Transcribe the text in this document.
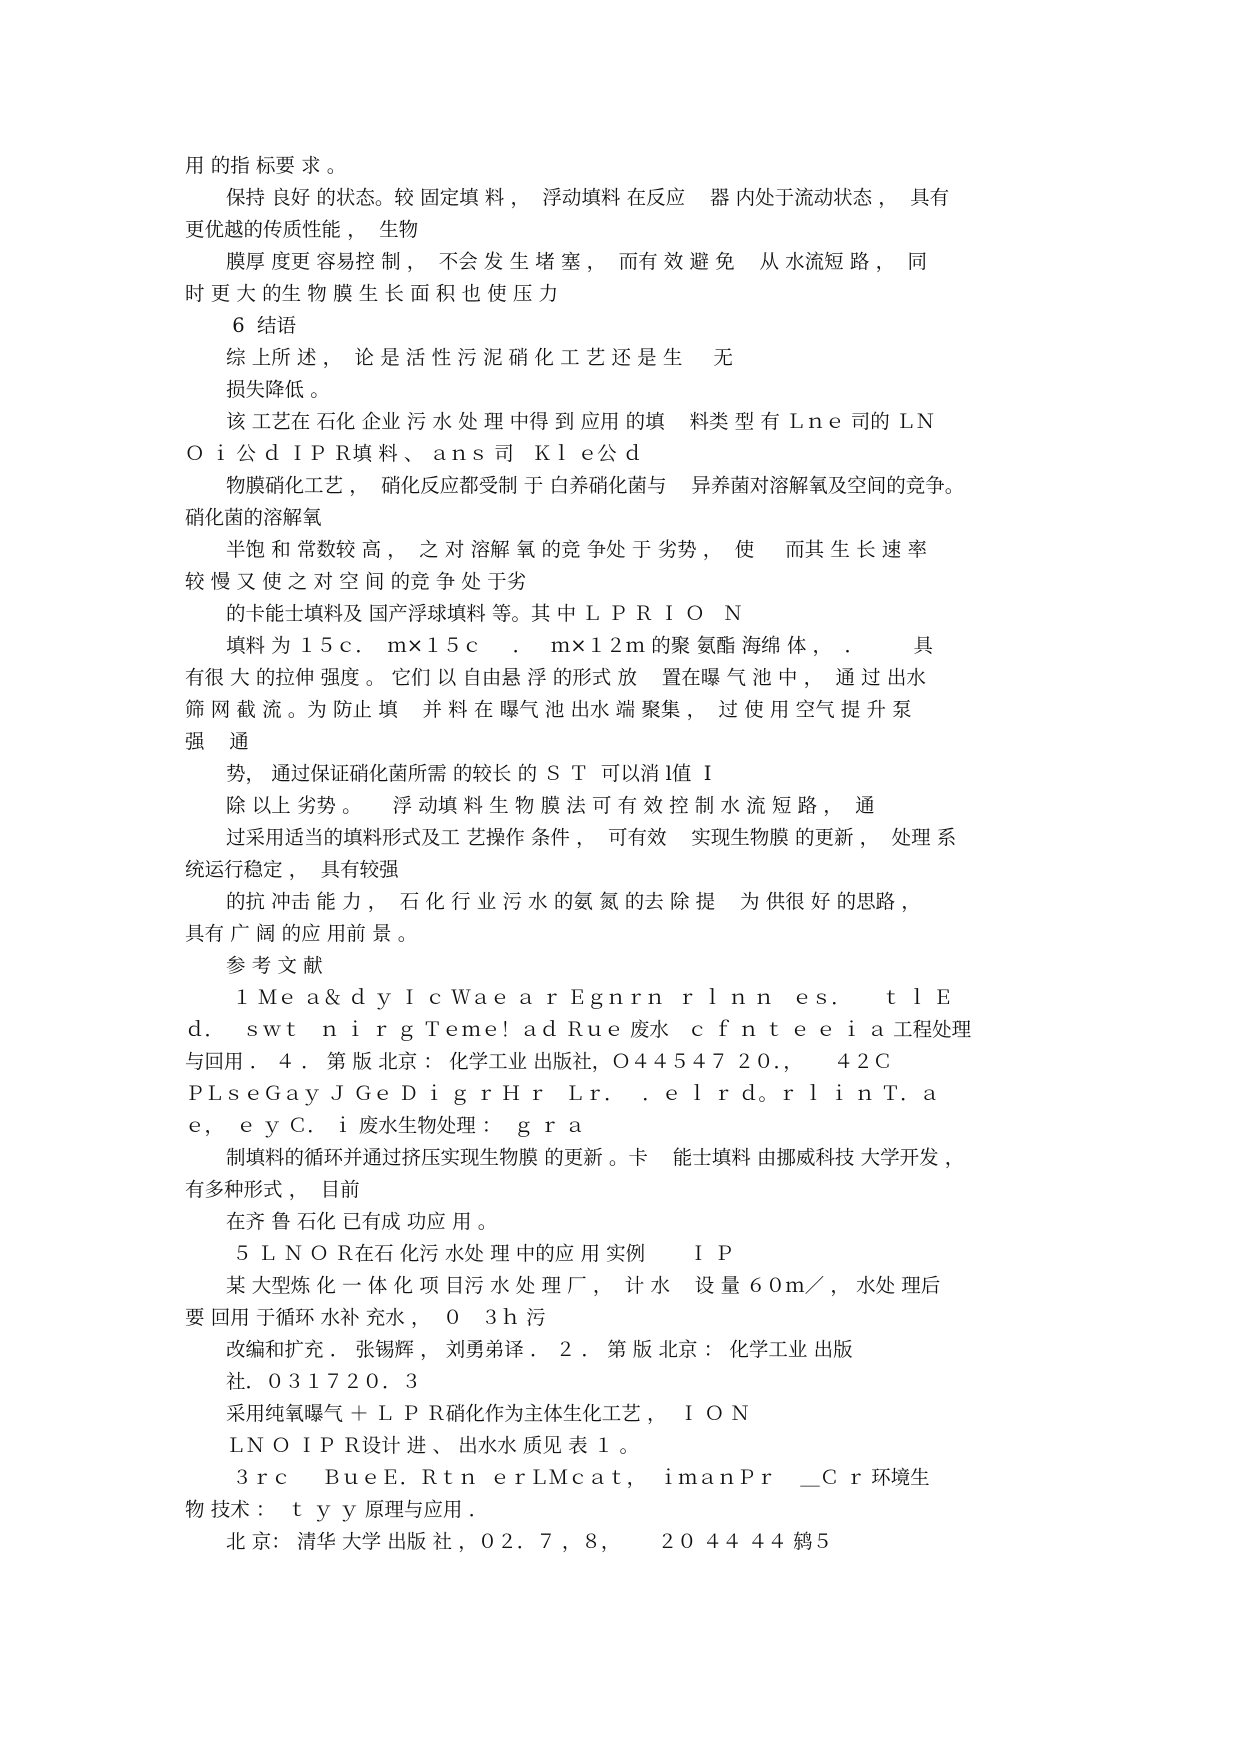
用 的指 标要 求 。
保持 良好 的状态。较 固定填 料 ，  浮动填料 在反应    器 内处于流动状态 ，  具有
更优越的传质性能 ，  生物
膜厚 度更 容易控 制 ，  不会 发 生 堵 塞 ，  而有 效 避 免    从 水流短 路 ，  同
时 更 大 的生 物 膜 生 长 面 积 也 使 压 力
6  结语
综 上所 述 ，  论 是 活 性 污 泥 硝 化 工 艺 还 是 生     无
损失降低 。
该 工艺在 石化 企业 污 水 处 理 中得 到 应用 的填    料类 型 有 Ｌｎｅ 司的 ＬＮ
Ｏ ｉ 公 ｄ ＩＰ Ｒ填 料 、 ａｎｓ 司   Ｋｌ ｅ公 ｄ
物膜硝化工艺 ，  硝化反应都受制 于 白养硝化菌与    异养菌对溶解氧及空间的竞争。
硝化菌的溶解氧
半饱 和 常数较 高 ，  之 对 溶解 氧 的竞 争处 于 劣势 ，  使     而其 生 长 速 率
较 慢 又 使 之 对 空 间 的竞 争 处 于劣
的卡能士填料及 国产浮球填料 等。其 中 Ｌ Ｐ Ｒ Ｉ Ｏ   Ｎ
填料 为 １５ｃ．  ｍ×１５ｃ     ．   ｍ×１２ｍ 的聚 氨酯 海绵 体 ，  ．        具
有很 大 的拉伸 强度 。 它们 以 自由悬 浮 的形式 放    置在曝 气 池 中 ，  通 过 出水
筛 网 截 流 。为 防止 填    并 料 在 曝气 池 出水 端 聚集 ，  过 使 用 空气 提 升 泵
强    通
势， 通过保证硝化菌所需 的较长 的 Ｓ Ｔ  可以消 l值  I
除 以上 劣势 。     浮 动填 料 生 物 膜 法 可 有 效 控 制 水 流 短 路 ，  通
过采用适当的填料形式及工 艺操作 条件 ，  可有效    实现生物膜 的更新 ，  处理 系
统运行稳定 ，  具有较强
的抗 冲击 能 力 ，  石 化 行 业 污 水 的氨 氮 的去 除 提    为 供很 好 的思路 ，
具有 广 阔 的应 用前 景 。
参 考 文 献
１ Ｍｅ ａ＆ ｄ ｙ Ｉ ｃ Ｗａｅ ａ ｒ Ｅｇｎｒｎ  ｒ ｌ ｎ ｎ   ｅｓ．     ｔ ｌ Ｅ
ｄ．   ｓｗｔ   ｎ ｉ ｒ ｇ Ｔｅｍｅ！ａｄ Ｒｕｅ 废水   ｃ ｆ ｎ ｔ ｅ ｅ ｉ ａ 工程处理
与回用 ． ４ ． 第 版 北京 ： 化学工业 出版社，Ｏ４４５４７ ２０．，     ４２Ｃ
ＰＬｓｅＧａｙ Ｊ Ｇｅ Ｄ ｉ ｇ ｒ Ｈ ｒ   Ｌｒ．   ．ｅ ｌ ｒ ｄ。ｒ ｌ ｉ ｎ Ｔ．ａ
ｅ，  ｅ ｙ Ｃ． ｉ 废水生物处理 ：  ｇ ｒ ａ
制填料的循环并通过挤压实现生物膜 的更新 。卡    能士填料 由挪威科技 大学开发 ，
有多种形式 ，  目前
在齐 鲁 石化 已有成 功应 用 。
５ Ｌ Ｎ Ｏ Ｒ在石 化污 水处 理 中的应 用 实例       Ｉ Ｐ
某 大型炼 化 一 体 化 项 目污 水 处 理 厂 ，  计 水    设 量 ６０ｍ／ ， 水处 理后
要 回用 于循环 水补 充水 ，  ０   ３ｈ 污
改编和扩充 ． 张锡辉 ， 刘勇弟译 ． ２ ． 第 版 北京 ： 化学工业 出版
社．０３１７２０．３
采用纯氧曝气 ＋ Ｌ Ｐ Ｒ硝化作为主体生化工艺 ，  Ｉ Ｏ Ｎ
ＬＮ Ｏ ＩＰ Ｒ设计 进 、 出水水 质见 表 １ 。
３ｒｃ     ＢｕｅＥ．Ｒｔｎ  ｅｒＬＭｃａｔ，  ｉｍａｎＰｒ    ＿Ｃ ｒ 环境生
物 技术 ：  ｔ ｙ ｙ 原理与应用 ．
北 京： 清华 大学 出版 社 ，０２．７ ，８，      ２０ ４４ ４４ 鸫５
